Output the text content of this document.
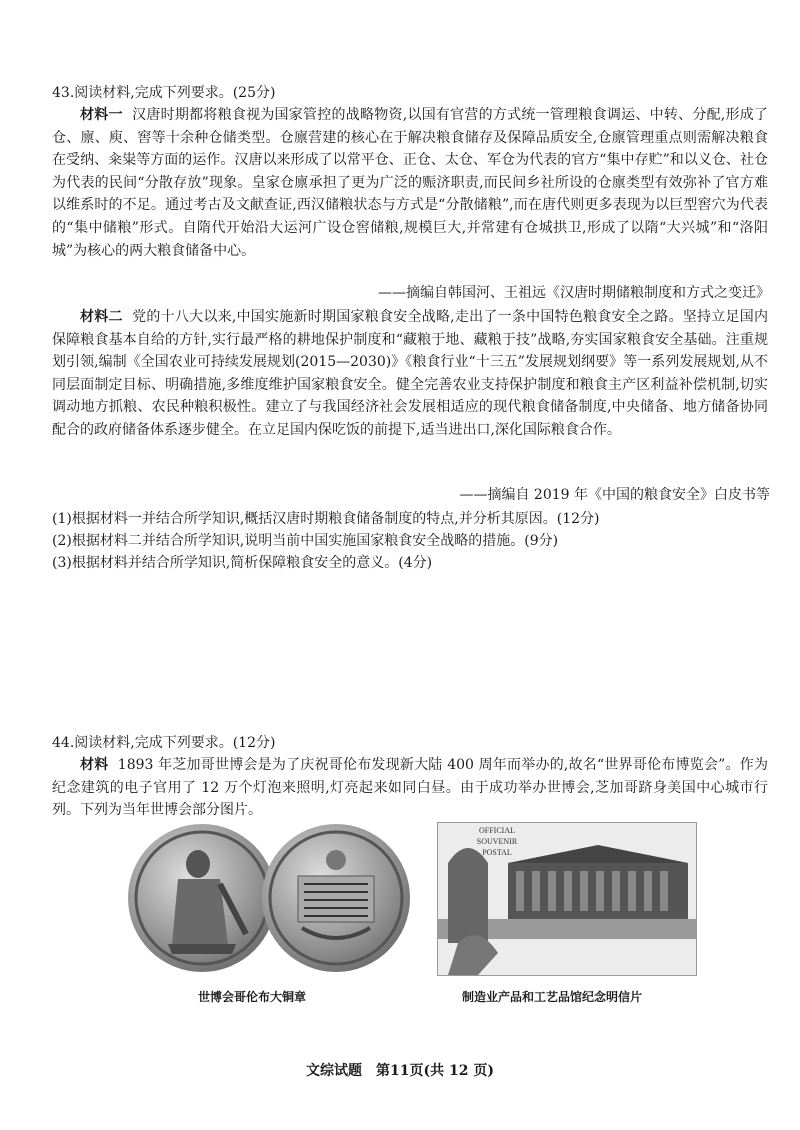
43.阅读材料,完成下列要求。(25分)

材料一 汉唐时期都将粮食视为国家管控的战略物资,以国有官营的方式统一管理粮食调运、中转、分配,形成了仓、廪、庾、窖等十余种仓储类型。仓廪营建的核心在于解决粮食储存及保障品质安全,仓廪管理重点则需解决粮食在受纳、籴粜等方面的运作。汉唐以来形成了以常平仓、正仓、太仓、军仓为代表的官方“集中存贮”和以义仓、社仓为代表的民间“分散存放”现象。皇家仓廪承担了更为广泛的赈济职责,而民间乡社所设的仓廪类型有效弥补了官方难以维系时的不足。通过考古及文献查证,西汉储粮状态与方式是“分散储粮”,而在唐代则更多表现为以巨型窖穴为代表的“集中储粮”形式。自隋代开始沿大运河广设仓窖储粮,规模巨大,并常建有仓城拱卫,形成了以隋“大兴城”和“洛阳城”为核心的两大粮食储备中心。

——摘编自韩国河、王祖远《汉唐时期储粮制度和方式之变迁》

材料二 党的十八大以来,中国实施新时期国家粮食安全战略,走出了一条中国特色粮食安全之路。坚持立足国内保障粮食基本自给的方针,实行最严格的耕地保护制度和“藏粮于地、藏粮于技”战略,夯实国家粮食安全基础。注重规划引领,编制《全国农业可持续发展规划(2015—2030)》《粮食行业“十三五”发展规划纲要》等一系列发展规划,从不同层面制定目标、明确措施,多维度维护国家粮食安全。健全完善农业支持保护制度和粮食主产区利益补偿机制,切实调动地方抓粮、农民种粮积极性。建立了与我国经济社会发展相适应的现代粮食储备制度,中央储备、地方储备协同配合的政府储备体系逐步健全。在立足国内保吃饭的前提下,适当进出口,深化国际粮食合作。

——摘编自 2019 年《中国的粮食安全》白皮书等
(1)根据材料一并结合所学知识,概括汉唐时期粮食储备制度的特点,并分析其原因。(12分)
(2)根据材料二并结合所学知识,说明当前中国实施国家粮食安全战略的措施。(9分)
(3)根据材料并结合所学知识,简析保障粮食安全的意义。(4分)
44.阅读材料,完成下列要求。(12分)

材料 1893 年芝加哥世博会是为了庆祝哥伦布发现新大陆 400 周年而举办的,故名“世界哥伦布博览会”。作为纪念建筑的电子官用了 12 万个灯泡来照明,灯亮起来如同白昼。由于成功举办世博会,芝加哥跻身美国中心城市行列。下列为当年世博会部分图片。

世博会哥伦布大铜章
OFFICIAL SOUVENIR POSTAL
制造业产品和工艺品馆纪念明信片
文综试题　第11页(共 12 页)
